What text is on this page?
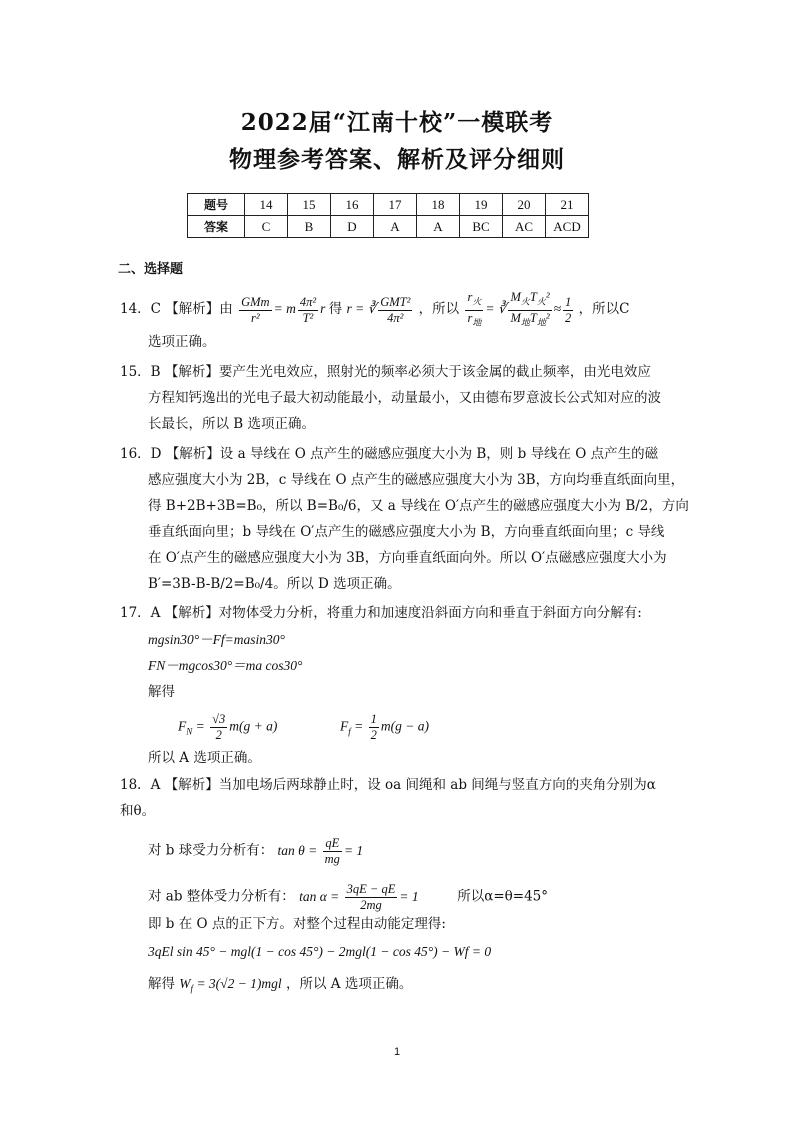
2022届“江南十校”一模联考
物理参考答案、解析及评分细则
题号	14	15	16	17	18	19	20	21
答案	C	B	D	A	A	BC	AC	ACD
二、选择题
14．C 【解析】由 $\frac{\text{GMm}}{\text{r²}} = m \frac{\text{4π²}}{\text{T²}}$ r 得 r = ∛ $\frac{\text{GMT²}}{\text{4π²}}$ ，所以 $\frac{r_火}{r_地}$ = ∛ $\frac{M_火T_火^2}{M_地T_地^2} \approx \frac{1}{2}$ ，所以C
选项正确。
15．B 【解析】要产生光电效应，照射光的频率必须大于该金属的截止频率，由光电效应
方程知钙逸出的光电子最大初动能最小，动量最小，又由德布罗意波长公式知对应的波
长最长，所以 B 选项正确。
16．D 【解析】设 a 导线在 O 点产生的磁感应强度大小为 B，则 b 导线在 O 点产生的磁
感应强度大小为 2B，c 导线在 O 点产生的磁感应强度大小为 3B，方向均垂直纸面向里，
得 B+2B+3B=B₀，所以 B=B₀/6，又 a 导线在 O′点产生的磁感应强度大小为 B/2，方向
垂直纸面向里；b 导线在 O′点产生的磁感应强度大小为 B，方向垂直纸面向里；c 导线
在 O′点产生的磁感应强度大小为 3B，方向垂直纸面向外。所以 O′点磁感应强度大小为
B′=3B-B-B/2=B₀/4。所以 D 选项正确。
17．A 【解析】对物体受力分析，将重力和加速度沿斜面方向和垂直于斜面方向分解有:
mgsin30°－Ff=masin30°
FN－mgcos30°＝ma cos30°
解得
$F_N = \frac{√3}{2} m(g + a)$	$F_f = \frac{1}{2} m(g - a)$
所以 A 选项正确。
18．A 【解析】当加电场后两球静止时，设 oa 间绳和 ab 间绳与竖直方向的夹角分别为α
和θ。
对 b 球受力分析有： $\tan \theta = \frac{qE}{mg} = 1$
对 ab 整体受力分析有： $\tan \alpha = \frac{3qE - qE}{2mg} = 1$	所以α=θ=45°
即 b 在 O 点的正下方。对整个过程由动能定理得:
3qEl sin 45° − mgl(1 − cos 45°) − 2mgl(1 − cos 45°) − Wf = 0
解得 $W_f = 3(√2 - 1)mgl$ ，所以 A 选项正确。
1
